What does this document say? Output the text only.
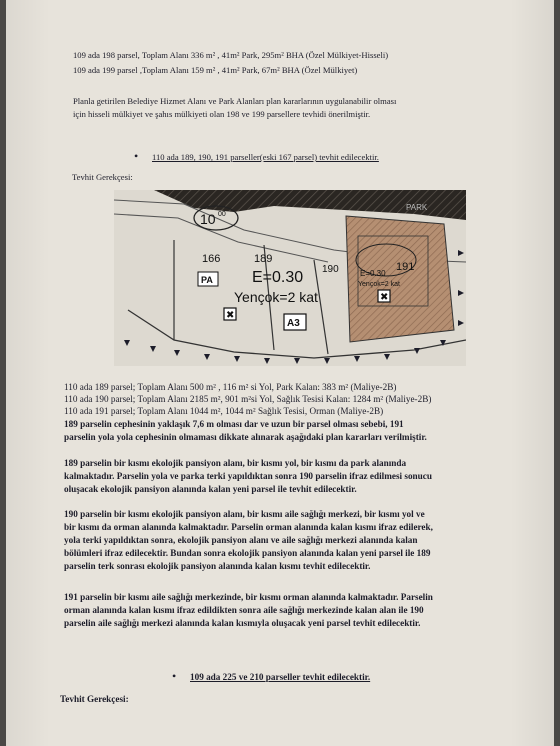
109 ada 198 parsel, Toplam Alanı 336 m² , 41m² Park, 295m² BHA (Özel Mülkiyet-Hisseli)
109 ada 199 parsel ,Toplam Alanı 159 m² , 41m² Park, 67m² BHA (Özel Mülkiyet)
Planla getirilen Belediye Hizmet Alanı ve Park Alanları plan kararlarının uygulanabilir olması
için hisseli mülkiyet ve şahıs mülkiyeti olan 198 ve 199 parsellere tevhidi önerilmiştir.
• 110 ada 189, 190, 191 parseller(eski 167 parsel) tevhit edilecektir.
Tevhit Gerekçesi:
10 00
166	189
190	191
PA E=0.30
Yençok=2 kat
E=0.30
Yençok=2 kat
PARK
✖
✖
A3
110 ada 189 parsel; Toplam Alanı 500 m² , 116 m² si Yol, Park Kalan: 383 m² (Maliye-2B)
110 ada 190 parsel; Toplam Alanı 2185 m², 901 m²si Yol, Sağlık Tesisi Kalan: 1284 m² (Maliye-2B)
110 ada 191 parsel; Toplam Alanı 1044 m², 1044 m² Sağlık Tesisi, Orman (Maliye-2B)
189 parselin cephesinin yaklaşık 7,6 m olması dar ve uzun bir parsel olması sebebi, 191
parselin yola yola cephesinin olmaması dikkate alınarak aşağıdaki plan kararları verilmiştir.
189 parselin bir kısmı ekolojik pansiyon alanı, bir kısmı yol, bir kısmı da park alanında
kalmaktadır. Parselin yola ve parka terki yapıldıktan sonra 190 parselin ifraz edilmesi sonucu
oluşacak ekolojik pansiyon alanında kalan yeni parsel ile tevhit edilecektir.
190 parselin bir kısmı ekolojik pansiyon alanı, bir kısmı aile sağlığı merkezi, bir kısmı yol ve
bir kısmı da orman alanında kalmaktadır. Parselin orman alanında kalan kısmı ifraz edilerek,
yola terki yapıldıktan sonra, ekolojik pansiyon alanı ve aile sağlığı merkezi alanında kalan
bölümleri ifraz edilecektir. Bundan sonra ekolojik pansiyon alanında kalan yeni parsel ile 189
parselin terk sonrası ekolojik pansiyon alanında kalan kısmı tevhit edilecektir.
191 parselin bir kısmı aile sağlığı merkezinde, bir kısmı orman alanında kalmaktadır. Parselin
orman alanında kalan kısmı ifraz edildikten sonra aile sağlığı merkezinde kalan alan ile 190
parselin aile sağlığı merkezi alanında kalan kısmıyla oluşacak yeni parsel tevhit edilecektir.
• 109 ada 225 ve 210 parseller tevhit edilecektir.
Tevhit Gerekçesi:
